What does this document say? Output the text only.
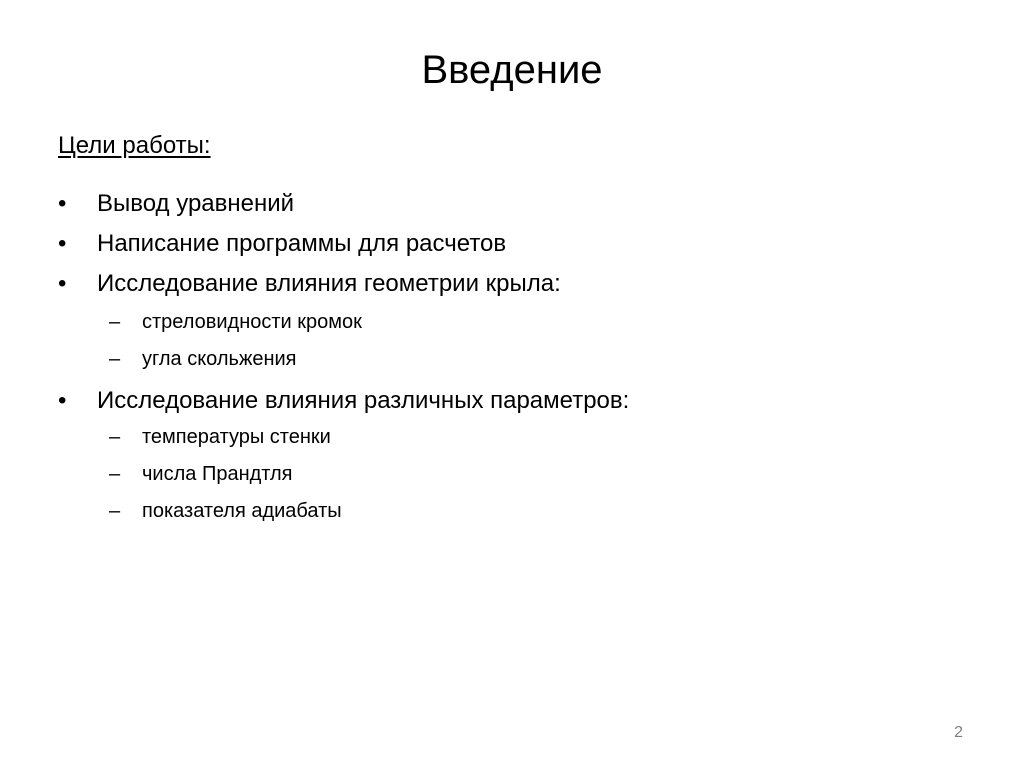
Введение
Цели работы:
•	Вывод уравнений
•	Написание программы для расчетов
•	Исследование влияния геометрии крыла:
– стреловидности кромок
– угла скольжения
•	Исследование влияния различных параметров:
– температуры стенки
– числа Прандтля
– показателя адиабаты
2
